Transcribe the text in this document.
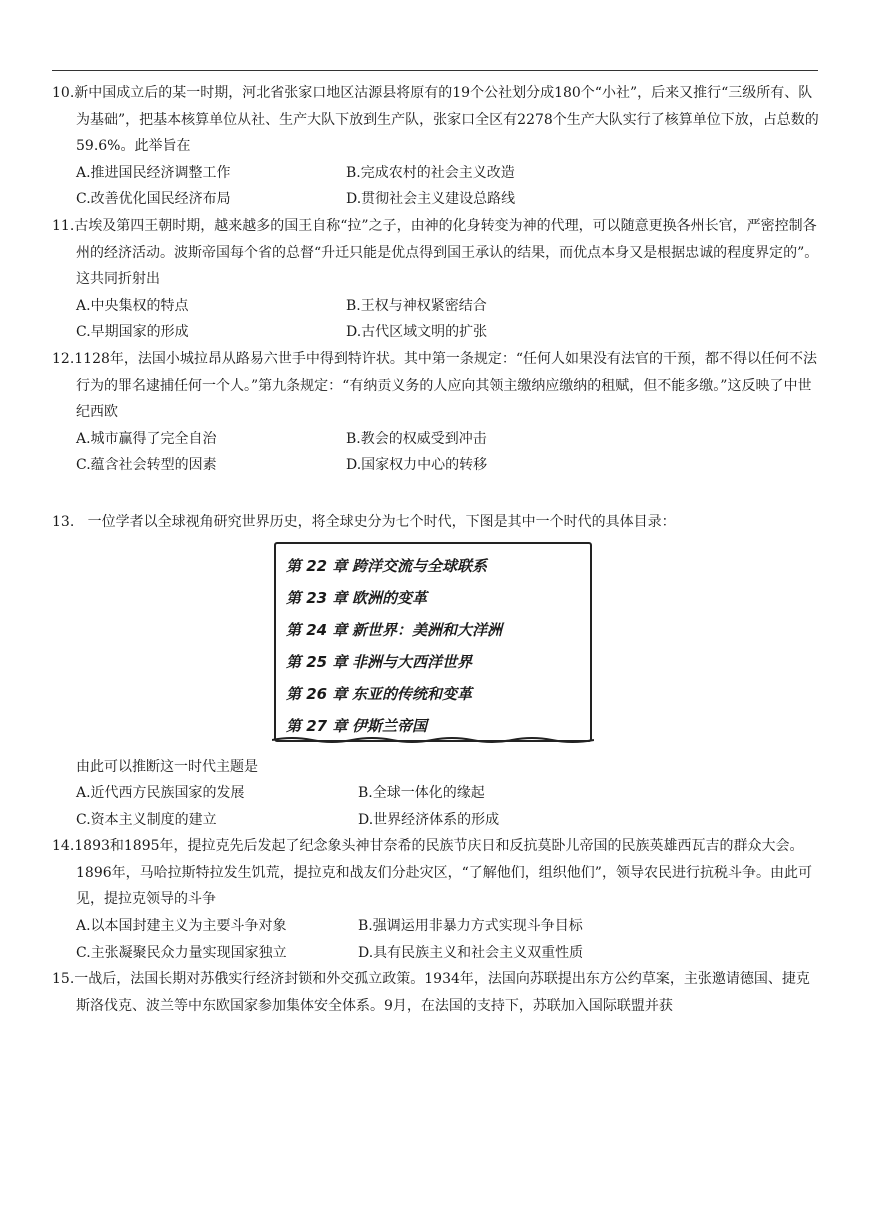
10.新中国成立后的某一时期，河北省张家口地区沽源县将原有的19个公社划分成180个“小社”，后来又推行“三级所有、队为基础”，把基本核算单位从社、生产大队下放到生产队，张家口全区有2278个生产大队实行了核算单位下放，占总数的59.6%。此举旨在

A.推进国民经济调整工作	B.完成农村的社会主义改造
C.改善优化国民经济布局	D.贯彻社会主义建设总路线

11.古埃及第四王朝时期，越来越多的国王自称“拉”之子，由神的化身转变为神的代理，可以随意更换各州长官，严密控制各州的经济活动。波斯帝国每个省的总督“升迁只能是优点得到国王承认的结果，而优点本身又是根据忠诚的程度界定的”。这共同折射出

A.中央集权的特点	B.王权与神权紧密结合
C.早期国家的形成	D.古代区域文明的扩张

12.1128年，法国小城拉昂从路易六世手中得到特许状。其中第一条规定：“任何人如果没有法官的干预，都不得以任何不法行为的罪名逮捕任何一个人。”第九条规定：“有纳贡义务的人应向其领主缴纳应缴纳的租赋，但不能多缴。”这反映了中世纪西欧

A.城市赢得了完全自治	B.教会的权威受到冲击
C.蕴含社会转型的因素	D.国家权力中心的转移

13. 一位学者以全球视角研究世界历史，将全球史分为七个时代，下图是其中一个时代的具体目录：

第 22 章 跨洋交流与全球联系
第 23 章 欧洲的变革
第 24 章 新世界：美洲和大洋洲
第 25 章 非洲与大西洋世界
第 26 章 东亚的传统和变革
第 27 章 伊斯兰帝国

由此可以推断这一时代主题是

A.近代西方民族国家的发展	B.全球一体化的缘起
C.资本主义制度的建立	D.世界经济体系的形成

14.1893和1895年，提拉克先后发起了纪念象头神甘奈希的民族节庆日和反抗莫卧儿帝国的民族英雄西瓦吉的群众大会。1896年，马哈拉斯特拉发生饥荒，提拉克和战友们分赴灾区，“了解他们，组织他们”，领导农民进行抗税斗争。由此可见，提拉克领导的斗争

A.以本国封建主义为主要斗争对象	B.强调运用非暴力方式实现斗争目标
C.主张凝聚民众力量实现国家独立	D.具有民族主义和社会主义双重性质

15.一战后，法国长期对苏俄实行经济封锁和外交孤立政策。1934年，法国向苏联提出东方公约草案，主张邀请德国、捷克斯洛伐克、波兰等中东欧国家参加集体安全体系。9月，在法国的支持下，苏联加入国际联盟并获
